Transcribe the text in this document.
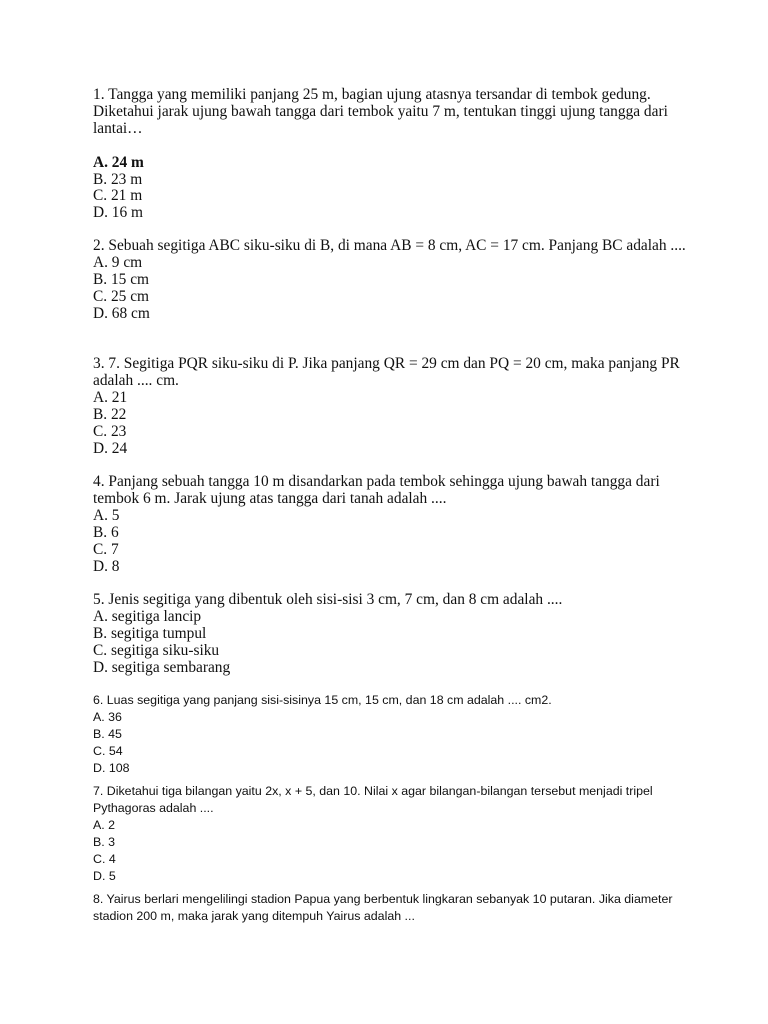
1. Tangga yang memiliki panjang 25 m, bagian ujung atasnya tersandar di tembok gedung. Diketahui jarak ujung bawah tangga dari tembok yaitu 7 m, tentukan tinggi ujung tangga dari lantai…
A. 24 m
B. 23 m
C. 21 m
D. 16 m
2. Sebuah segitiga ABC siku-siku di B, di mana AB = 8 cm, AC = 17 cm. Panjang BC adalah ....
A. 9 cm
B. 15 cm
C. 25 cm
D. 68 cm
3. 7. Segitiga PQR siku-siku di P. Jika panjang QR = 29 cm dan PQ = 20 cm, maka panjang PR adalah .... cm.
A. 21
B. 22
C. 23
D. 24
4. Panjang sebuah tangga 10 m disandarkan pada tembok sehingga ujung bawah tangga dari tembok 6 m. Jarak ujung atas tangga dari tanah adalah ....
A. 5
B. 6
C. 7
D. 8
5. Jenis segitiga yang dibentuk oleh sisi-sisi 3 cm, 7 cm, dan 8 cm adalah ....
A. segitiga lancip
B. segitiga tumpul
C. segitiga siku-siku
D. segitiga sembarang
6. Luas segitiga yang panjang sisi-sisinya 15 cm, 15 cm, dan 18 cm adalah .... cm2.
A. 36
B. 45
C. 54
D. 108
7. Diketahui tiga bilangan yaitu 2x, x + 5, dan 10. Nilai x agar bilangan-bilangan tersebut menjadi tripel Pythagoras adalah ....
A. 2
B. 3
C. 4
D. 5
8. Yairus berlari mengelilingi stadion Papua yang berbentuk lingkaran sebanyak 10 putaran. Jika diameter stadion 200 m, maka jarak yang ditempuh Yairus adalah ...
